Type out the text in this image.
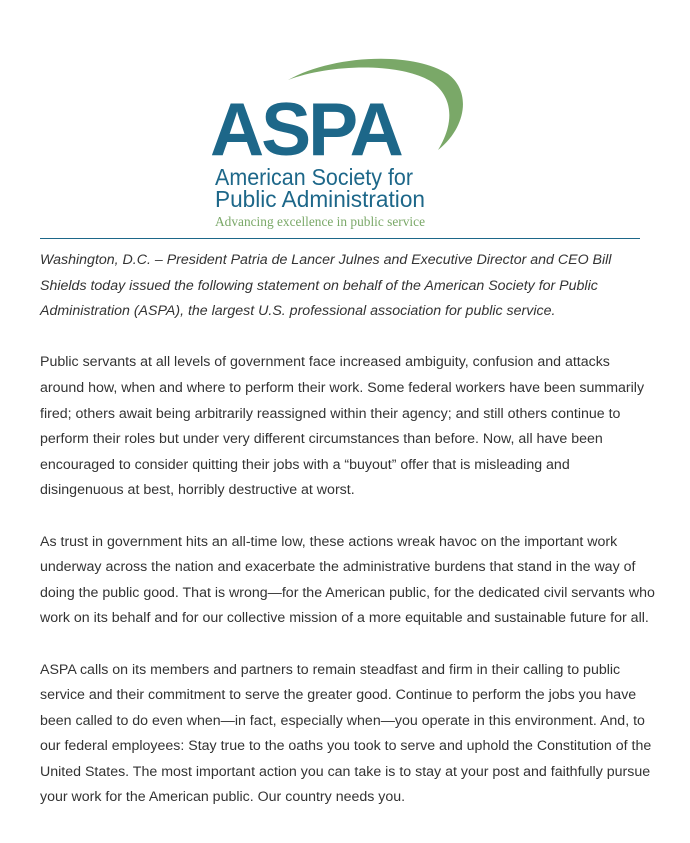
ASPA
American Society for
Public Administration
Advancing excellence in public service

Washington, D.C. – President Patria de Lancer Julnes and Executive Director and CEO Bill Shields today issued the following statement on behalf of the American Society for Public Administration (ASPA), the largest U.S. professional association for public service.

Public servants at all levels of government face increased ambiguity, confusion and attacks around how, when and where to perform their work. Some federal workers have been summarily fired; others await being arbitrarily reassigned within their agency; and still others continue to perform their roles but under very different circumstances than before. Now, all have been encouraged to consider quitting their jobs with a “buyout” offer that is misleading and disingenuous at best, horribly destructive at worst.

As trust in government hits an all-time low, these actions wreak havoc on the important work underway across the nation and exacerbate the administrative burdens that stand in the way of doing the public good. That is wrong—for the American public, for the dedicated civil servants who work on its behalf and for our collective mission of a more equitable and sustainable future for all.

ASPA calls on its members and partners to remain steadfast and firm in their calling to public service and their commitment to serve the greater good. Continue to perform the jobs you have been called to do even when—in fact, especially when—you operate in this environment. And, to our federal employees: Stay true to the oaths you took to serve and uphold the Constitution of the United States. The most important action you can take is to stay at your post and faithfully pursue your work for the American public. Our country needs you.
